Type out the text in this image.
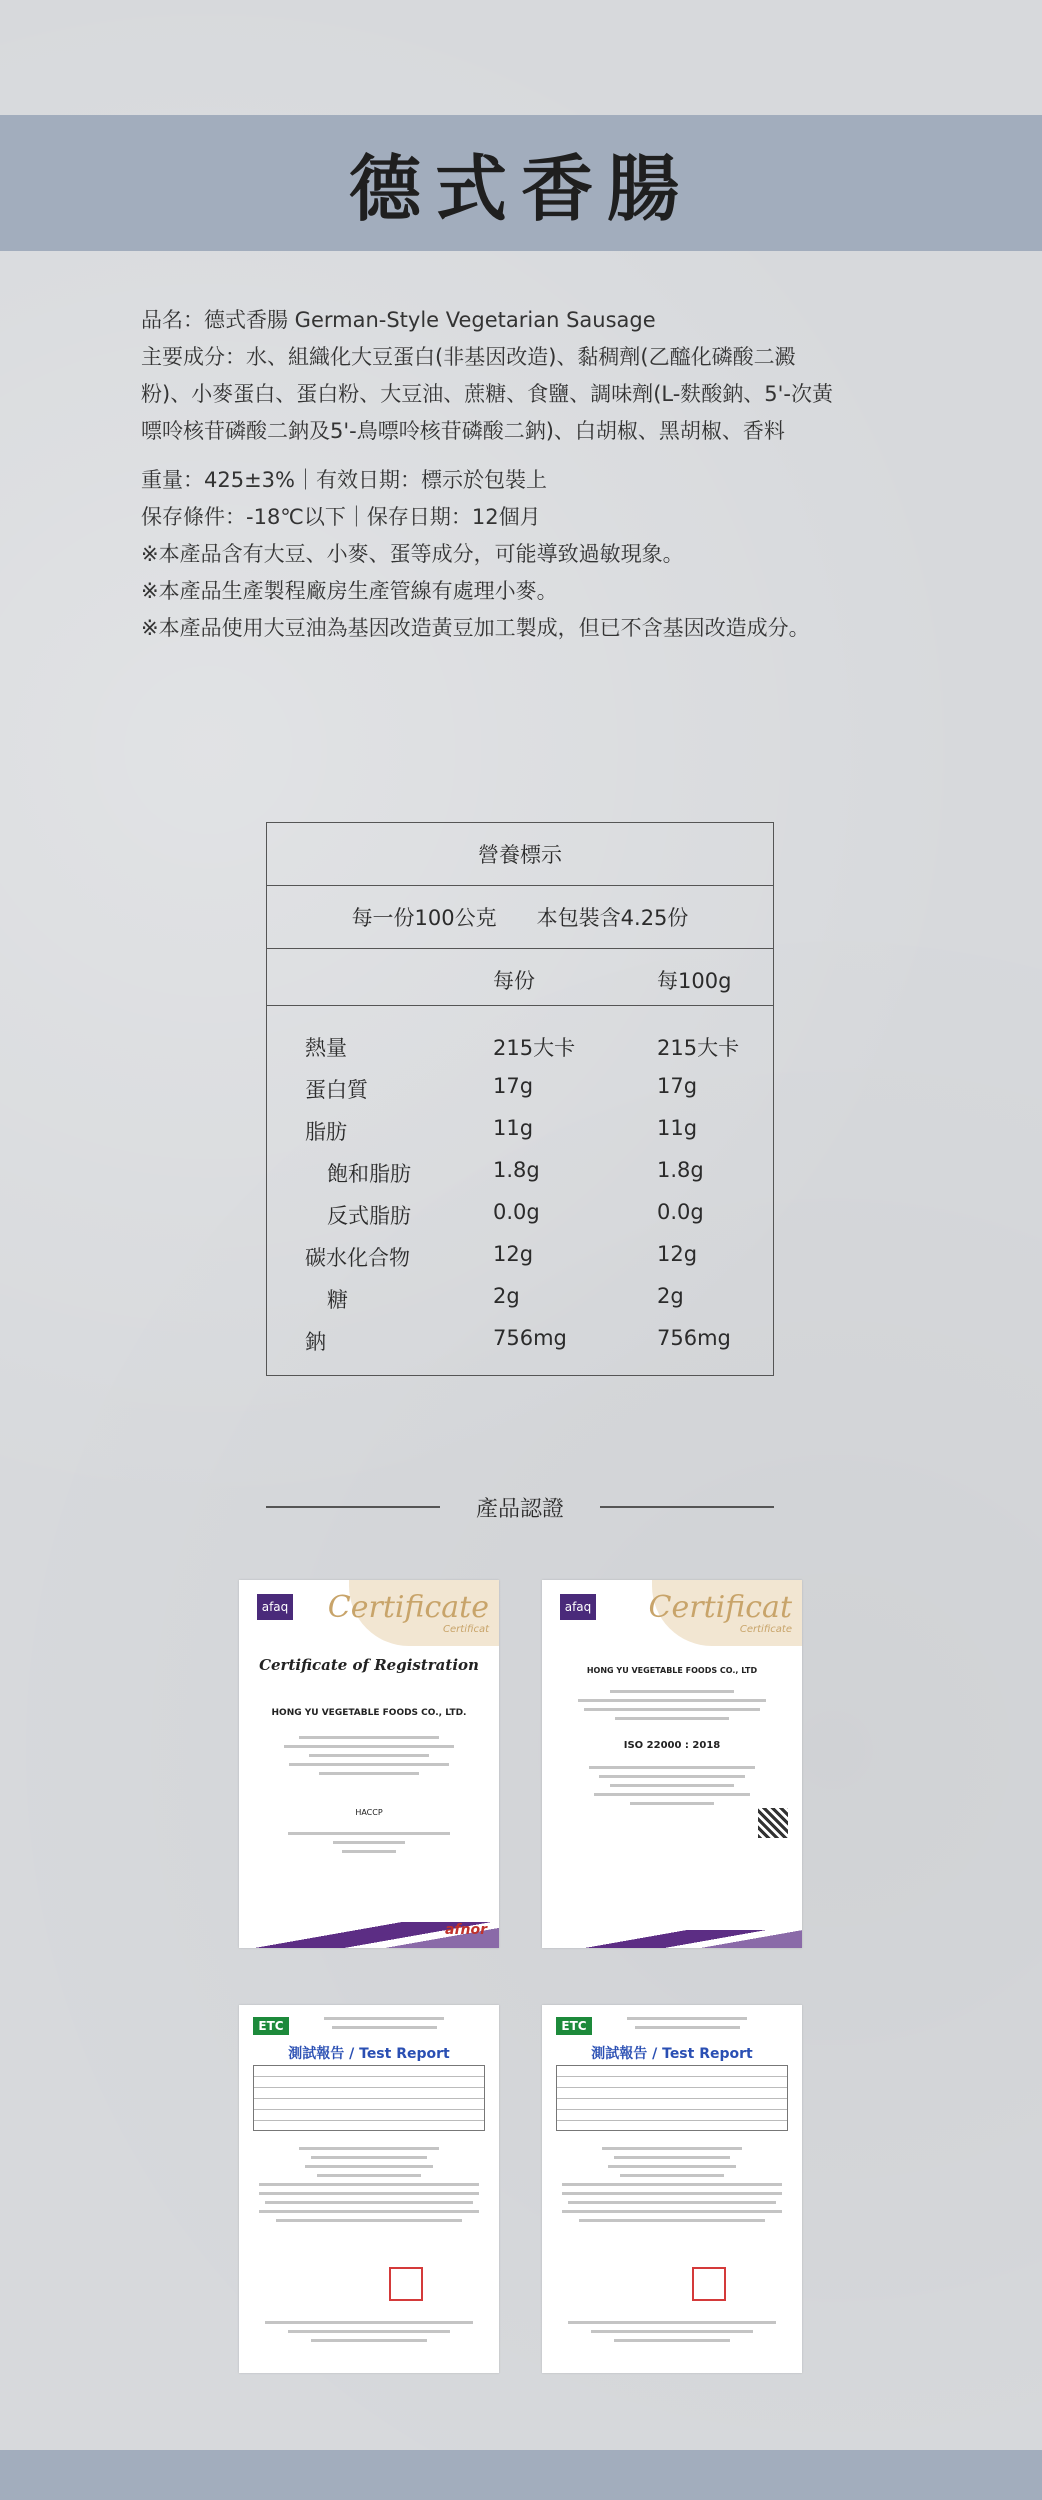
德式香腸

品名：德式香腸 German-Style Vegetarian Sausage

主要成分：水、組織化大豆蛋白(非基因改造)、黏稠劑(乙醯化磷酸二澱

粉)、小麥蛋白、蛋白粉、大豆油、蔗糖、食鹽、調味劑(L-麩酸鈉、5'-次黃

嘌呤核苷磷酸二鈉及5'-鳥嘌呤核苷磷酸二鈉)、白胡椒、黑胡椒、香料

重量：425±3%｜有效日期：標示於包裝上

保存條件：-18℃以下｜保存日期：12個月

※本產品含有大豆、小麥、蛋等成分，可能導致過敏現象。

※本產品生產製程廠房生產管線有處理小麥。

※本產品使用大豆油為基因改造黃豆加工製成，但已不含基因改造成分。

營養標示
每一份100公克 本包裝含4.25份
每份	每100g
熱量	215大卡	215大卡
蛋白質	17g	17g
脂肪	11g	11g
飽和脂肪	1.8g	1.8g
反式脂肪	0.0g	0.0g
碳水化合物	12g	12g
糖	2g	2g
鈉	756mg	756mg
產品認證
afaq Certificate
Certificat
Certificate of Registration
HONG YU VEGETABLE FOODS CO., LTD.
HACCP
afnor
afaq Certificat
Certificate
HONG YU VEGETABLE FOODS CO., LTD
ISO 22000 : 2018
ETC
測試報告 / Test Report
ETC
測試報告 / Test Report
